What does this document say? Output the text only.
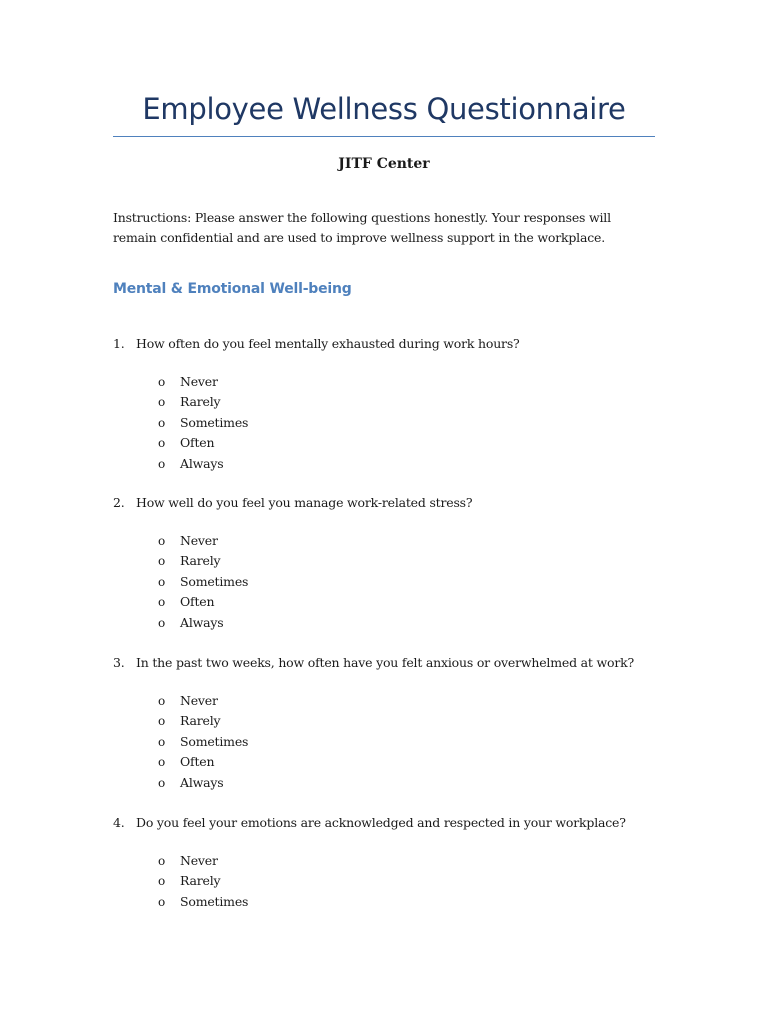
Employee Wellness Questionnaire
JITF Center
Instructions: Please answer the following questions honestly. Your responses will remain confidential and are used to improve wellness support in the workplace.
Mental & Emotional Well-being
1. How often do you feel mentally exhausted during work hours?
o Never
o Rarely
o Sometimes
o Often
o Always
2. How well do you feel you manage work-related stress?
o Never
o Rarely
o Sometimes
o Often
o Always
3. In the past two weeks, how often have you felt anxious or overwhelmed at work?
o Never
o Rarely
o Sometimes
o Often
o Always
4. Do you feel your emotions are acknowledged and respected in your workplace?
o Never
o Rarely
o Sometimes
